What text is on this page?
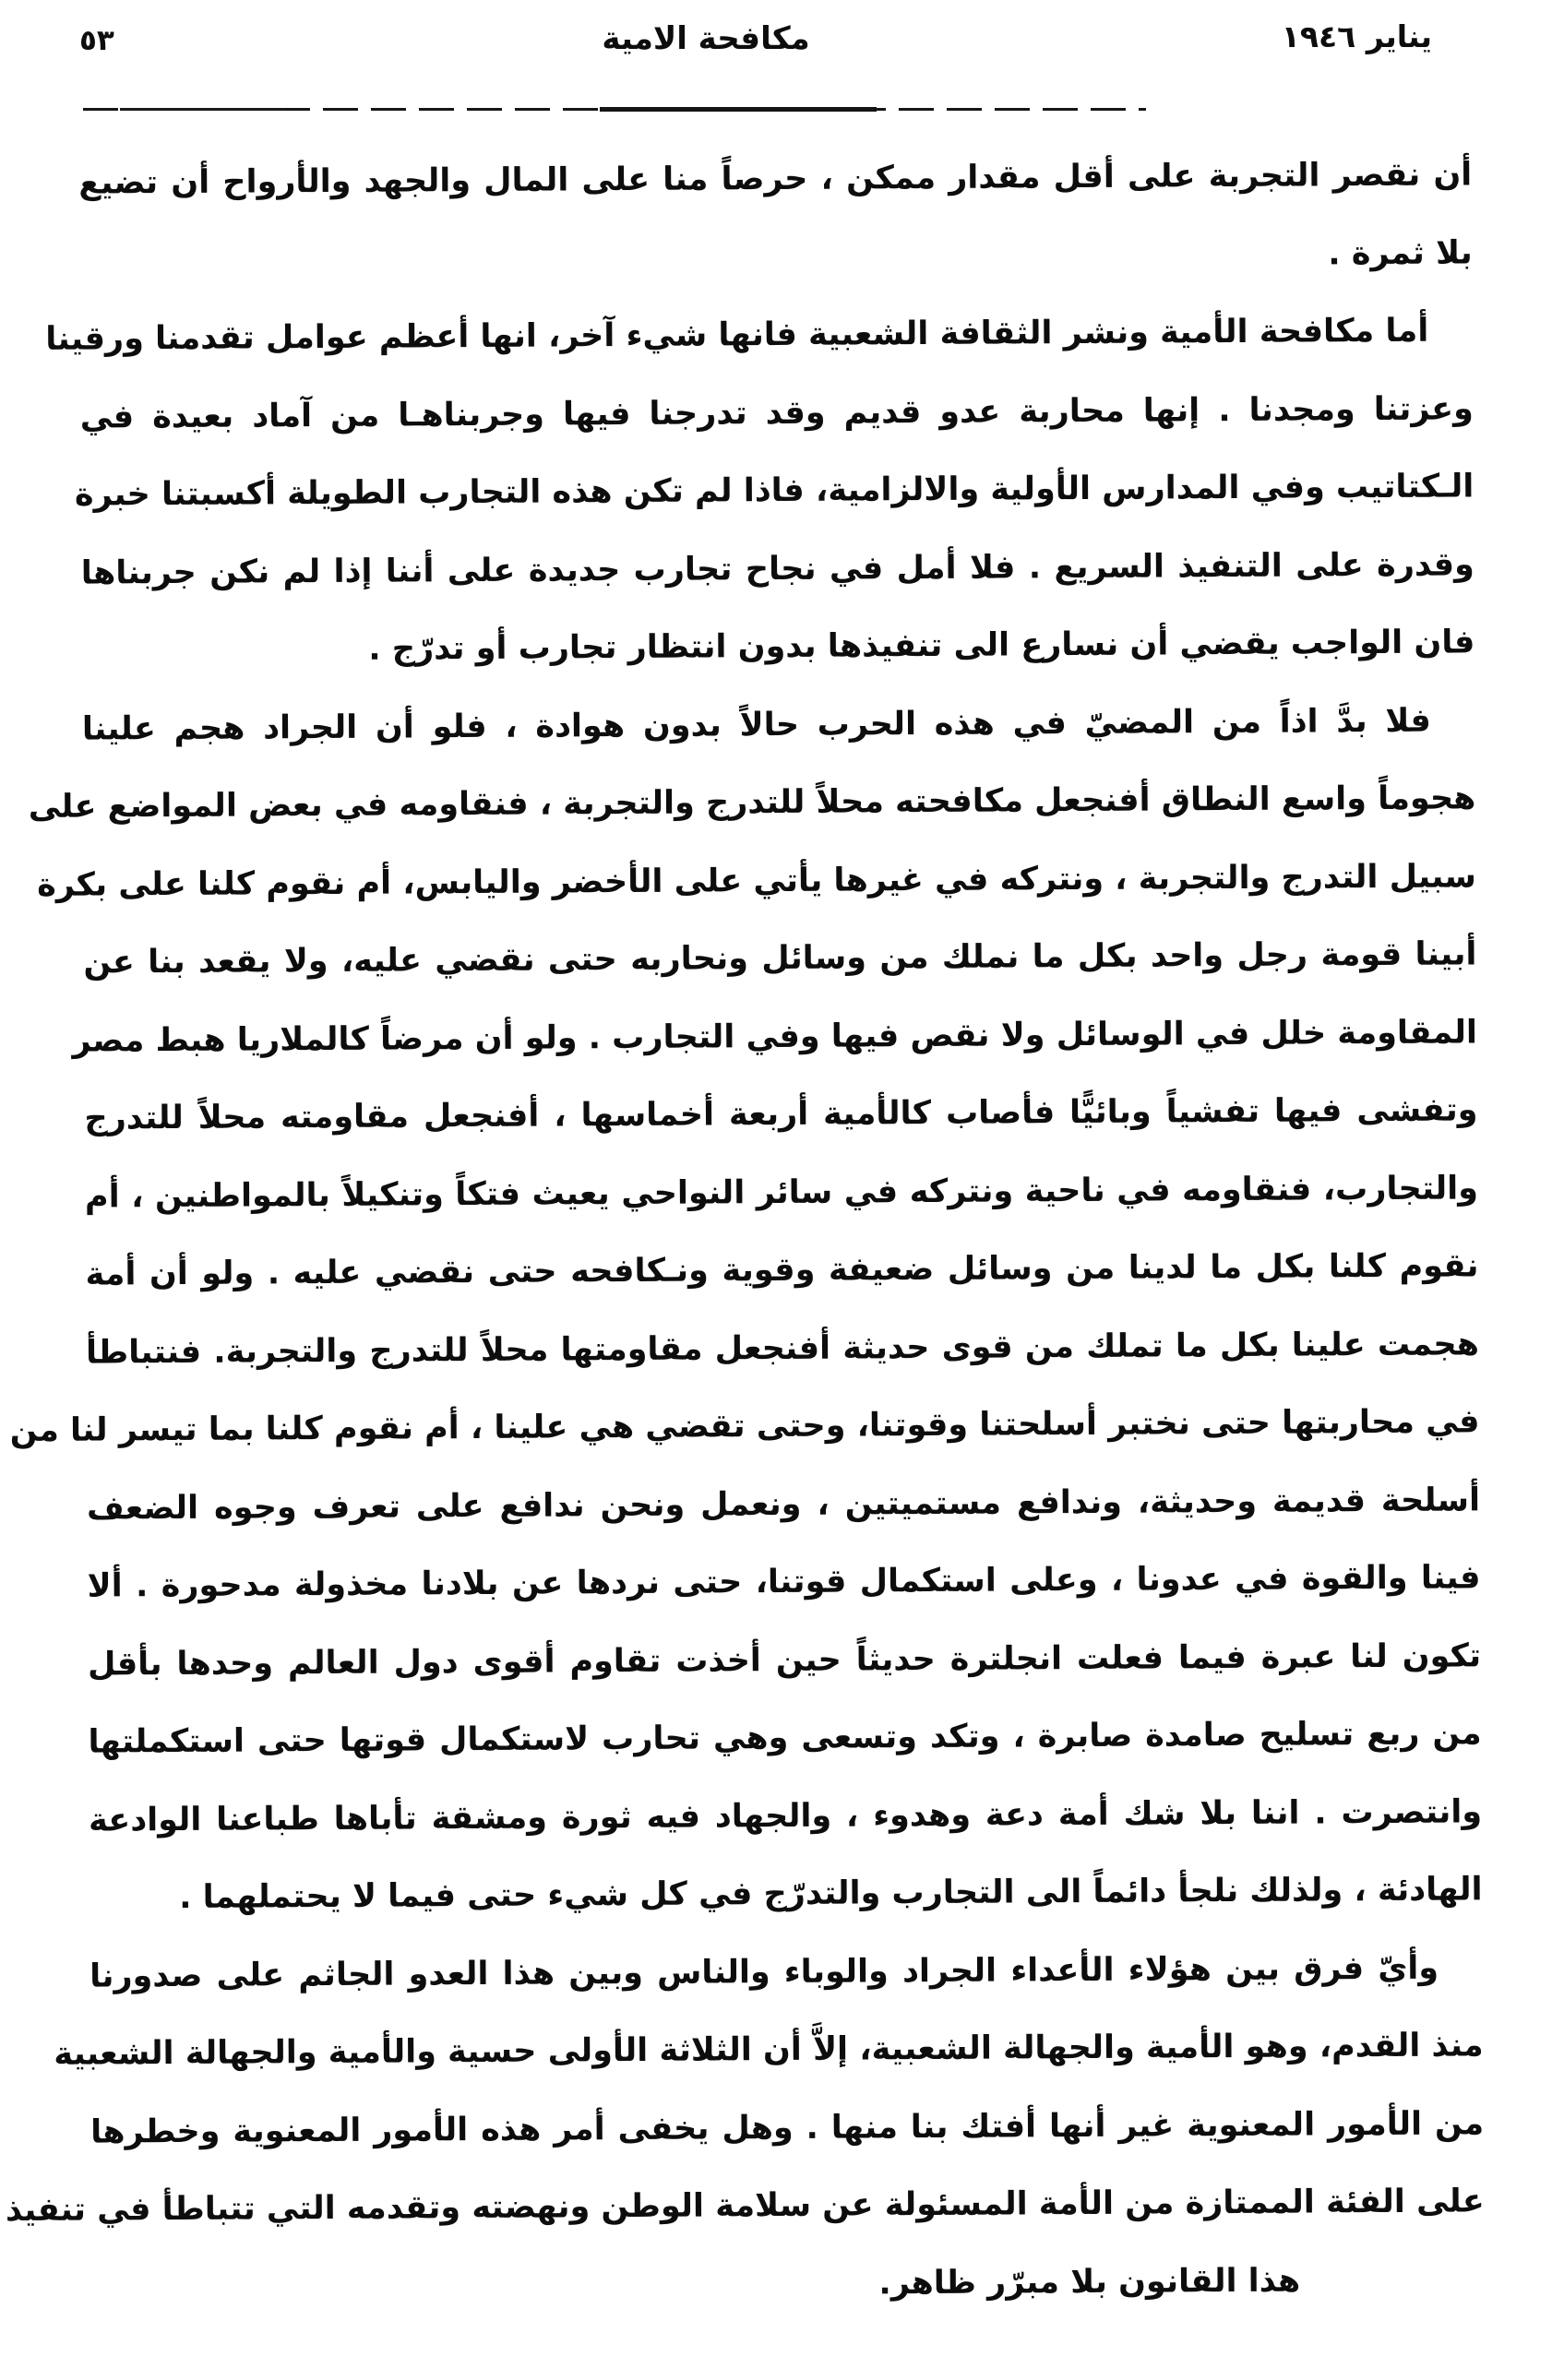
٥٣	مكافحة الامية	يناير ١٩٤٦
أن نقصر التجربة على أقل مقدار ممكن ، حرصاً منا على المال والجهد والأرواح أن تضيع
بلا ثمرة .
أما مكافحة الأمية ونشر الثقافة الشعبية فانها شيء آخر، انها أعظم عوامل تقدمنا ورقينا
وعزتنا ومجدنا . إنها محاربة عدو قديم وقد تدرجنا فيها وجربناهـا من آماد بعيدة في
الـكتاتيب وفي المدارس الأولية والالزامية، فاذا لم تكن هذه التجارب الطويلة أكسبتنا خبرة
وقدرة على التنفيذ السريع . فلا أمل في نجاح تجارب جديدة على أننا إذا لم نكن جربناها
فان الواجب يقضي أن نسارع الى تنفيذها بدون انتظار تجارب أو تدرّج .
فلا بدَّ اذاً من المضيّ في هذه الحرب حالاً بدون هوادة ، فلو أن الجراد هجم علينا
هجوماً واسع النطاق أفنجعل مكافحته محلاً للتدرج والتجربة ، فنقاومه في بعض المواضع على
سبيل التدرج والتجربة ، ونتركه في غيرها يأتي على الأخضر واليابس، أم نقوم كلنا على بكرة
أبينا قومة رجل واحد بكل ما نملك من وسائل ونحاربه حتى نقضي عليه، ولا يقعد بنا عن
المقاومة خلل في الوسائل ولا نقص فيها وفي التجارب . ولو أن مرضاً كالملاريا هبط مصر
وتفشى فيها تفشياً وبائيًّا فأصاب كالأمية أربعة أخماسها ، أفنجعل مقاومته محلاً للتدرج
والتجارب، فنقاومه في ناحية ونتركه في سائر النواحي يعيث فتكاً وتنكيلاً بالمواطنين ، أم
نقوم كلنا بكل ما لدينا من وسائل ضعيفة وقوية ونـكافحه حتى نقضي عليه . ولو أن أمة
هجمت علينا بكل ما تملك من قوى حديثة أفنجعل مقاومتها محلاً للتدرج والتجربة. فنتباطأ
في محاربتها حتى نختبر أسلحتنا وقوتنا، وحتى تقضي هي علينا ، أم نقوم كلنا بما تيسر لنا من
أسلحة قديمة وحديثة، وندافع مستميتين ، ونعمل ونحن ندافع على تعرف وجوه الضعف
فينا والقوة في عدونا ، وعلى استكمال قوتنا، حتى نردها عن بلادنا مخذولة مدحورة . ألا
تكون لنا عبرة فيما فعلت انجلترة حديثاً حين أخذت تقاوم أقوى دول العالم وحدها بأقل
من ربع تسليح صامدة صابرة ، وتكد وتسعى وهي تحارب لاستكمال قوتها حتى استكملتها
وانتصرت . اننا بلا شك أمة دعة وهدوء ، والجهاد فيه ثورة ومشقة تأباها طباعنا الوادعة
الهادئة ، ولذلك نلجأ دائماً الى التجارب والتدرّج في كل شيء حتى فيما لا يحتملهما .
وأيّ فرق بين هؤلاء الأعداء الجراد والوباء والناس وبين هذا العدو الجاثم على صدورنا
منذ القدم، وهو الأمية والجهالة الشعبية، إلاَّ أن الثلاثة الأولى حسية والأمية والجهالة الشعبية
من الأمور المعنوية غير أنها أفتك بنا منها . وهل يخفى أمر هذه الأمور المعنوية وخطرها
على الفئة الممتازة من الأمة المسئولة عن سلامة الوطن ونهضته وتقدمه التي تتباطأ في تنفيذ
هذا القانون بلا مبرّر ظاهر.
